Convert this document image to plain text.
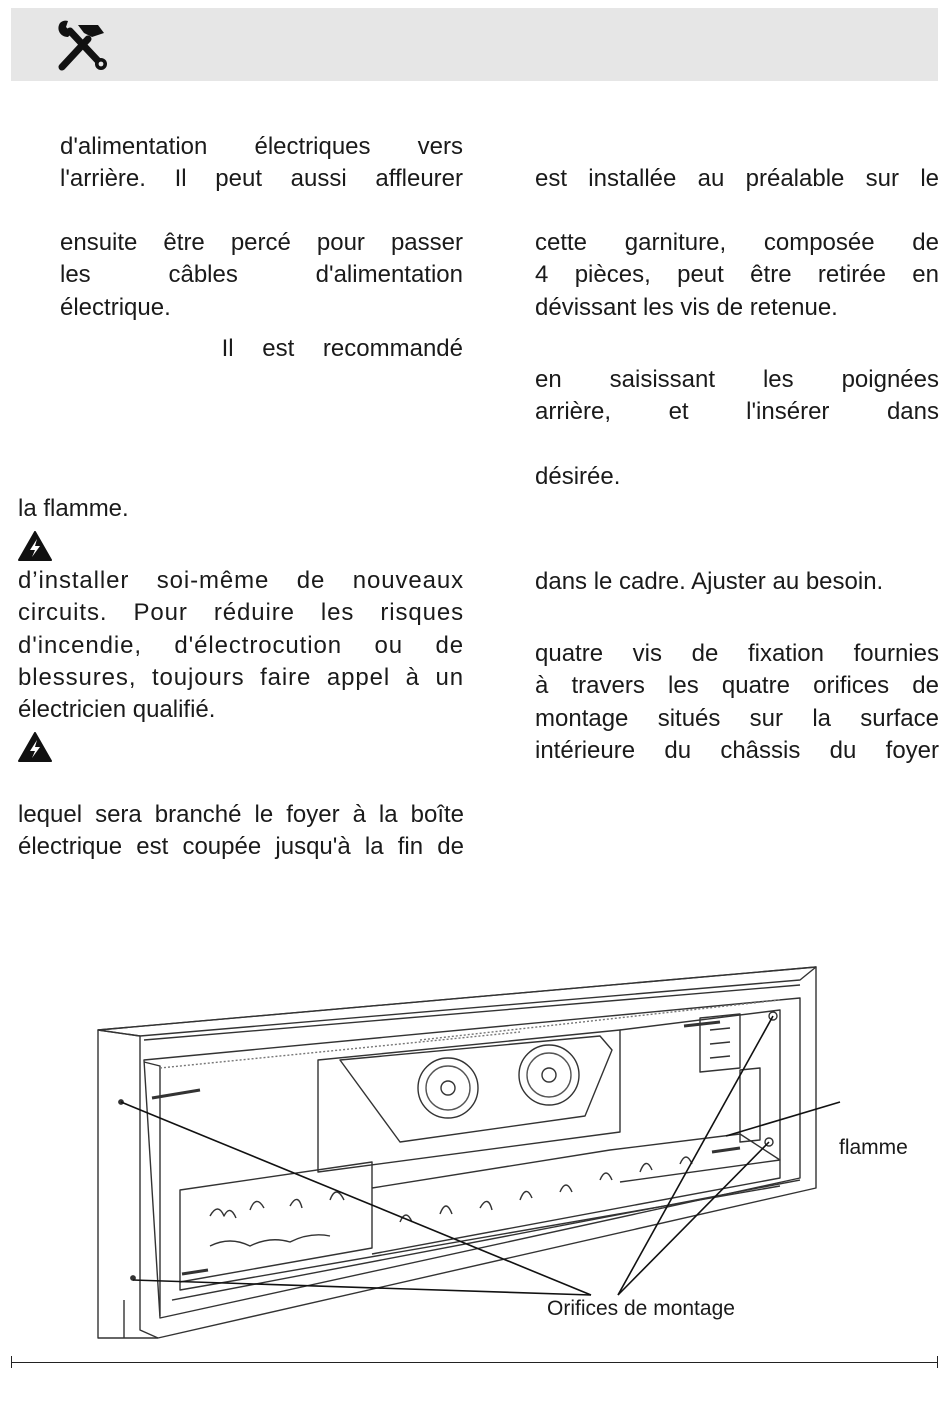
d'alimentation électriques vers

l'arrière. Il peut aussi affleurer

ensuite être percé pour passer

les câbles d'alimentation

électrique.

Il est recommandé

la flamme.

d’installer soi-même de nouveaux

circuits. Pour réduire les risques

d'incendie, d'électrocution ou de

blessures, toujours faire appel à un

électricien qualifié.

lequel sera branché le foyer à la boîte

électrique est coupée jusqu'à la fin de

est installée au préalable sur le

cette garniture, composée de

4 pièces, peut être retirée en

dévissant les vis de retenue.

en saisissant les poignées

arrière, et l'insérer dans

désirée.

dans le cadre. Ajuster au besoin.

quatre vis de fixation fournies

à travers les quatre orifices de

montage situés sur la surface

intérieure du châssis du foyer

flamme
Orifices de montage
